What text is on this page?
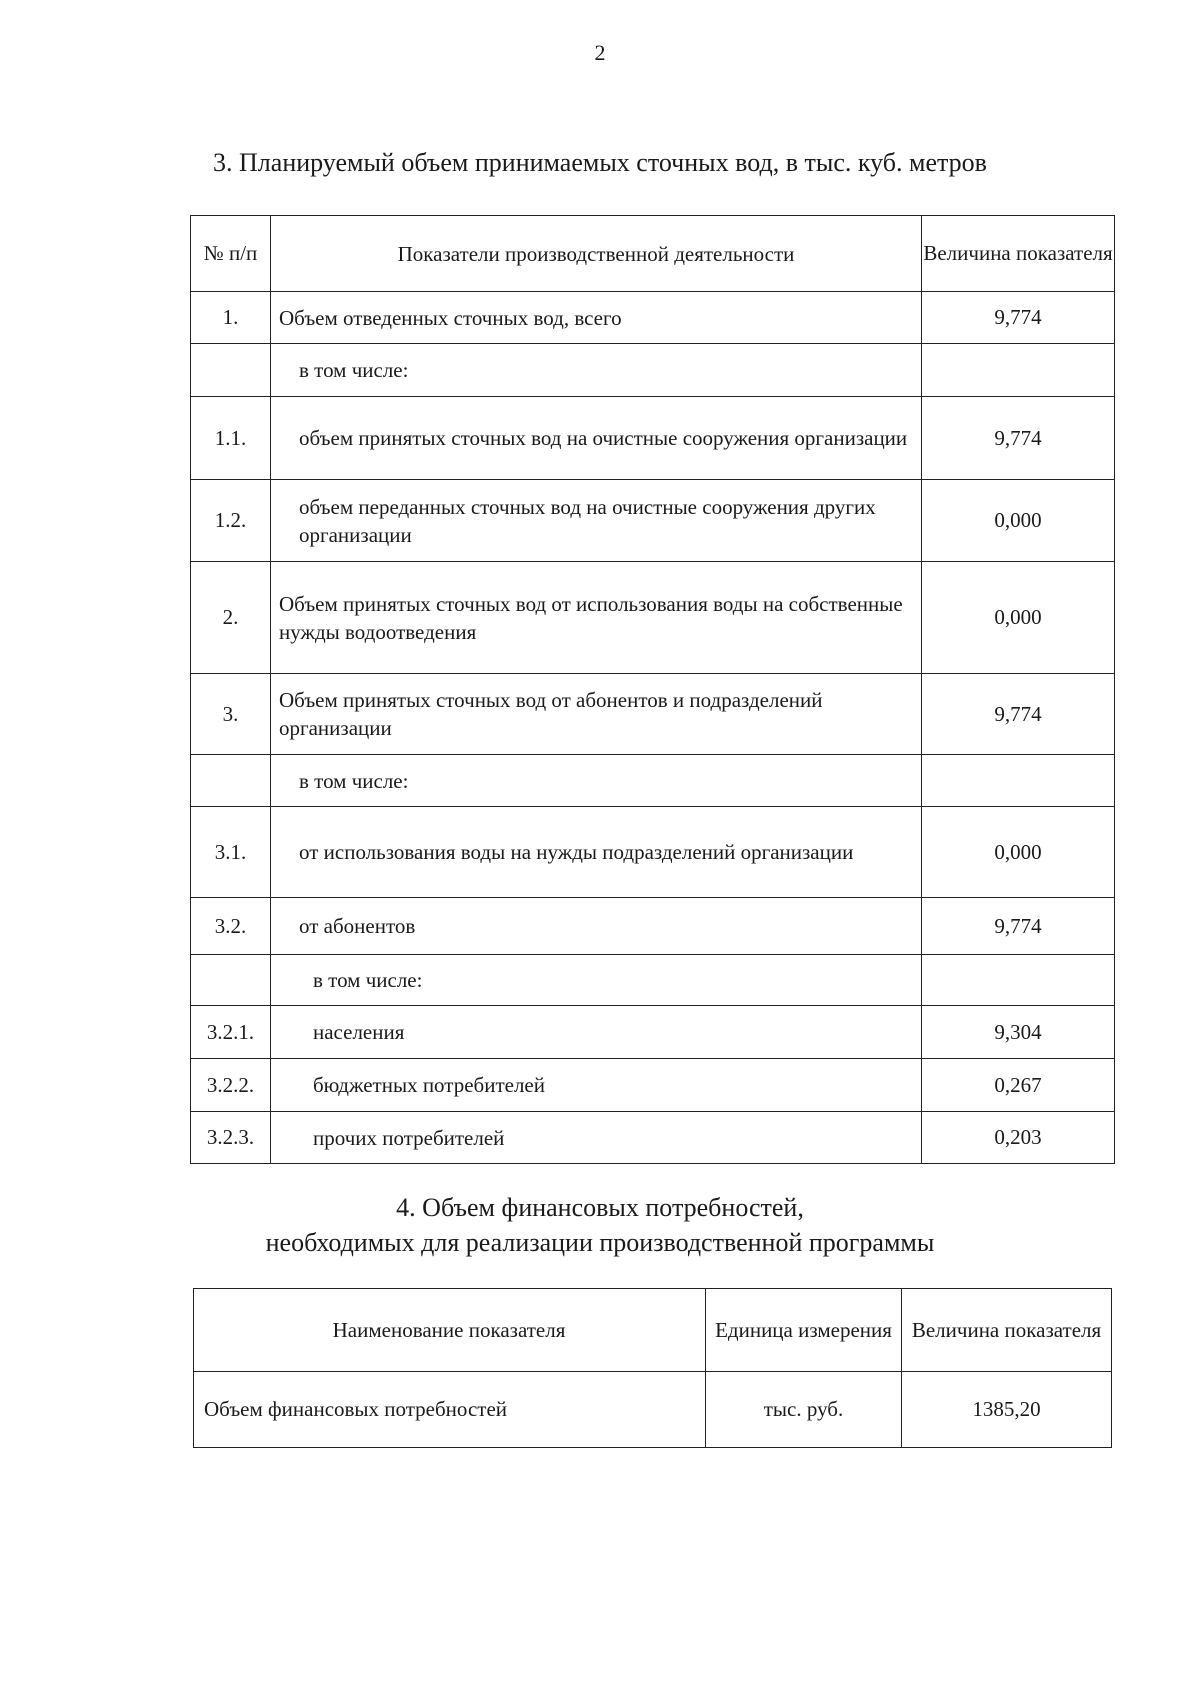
2
3. Планируемый объем принимаемых сточных вод, в тыс. куб. метров
№ п/п	Показатели производственной деятельности	Величина показателя
1.	Объем отведенных сточных вод, всего	9,774
	в том числе:	
1.1.	объем принятых сточных вод на очистные сооружения организации	9,774
1.2.	объем переданных сточных вод на очистные сооружения других организации	0,000
2.	Объем принятых сточных вод от использования воды на собственные нужды водоотведения	0,000
3.	Объем принятых сточных вод от абонентов и подразделений организации	9,774
	в том числе:	
3.1.	от использования воды на нужды подразделений организации	0,000
3.2.	от абонентов	9,774
	в том числе:	
3.2.1.	населения	9,304
3.2.2.	бюджетных потребителей	0,267
3.2.3.	прочих потребителей	0,203
4. Объем финансовых потребностей,
необходимых для реализации производственной программы
Наименование показателя	Единица измерения	Величина показателя
Объем финансовых потребностей	тыс. руб.	1385,20
